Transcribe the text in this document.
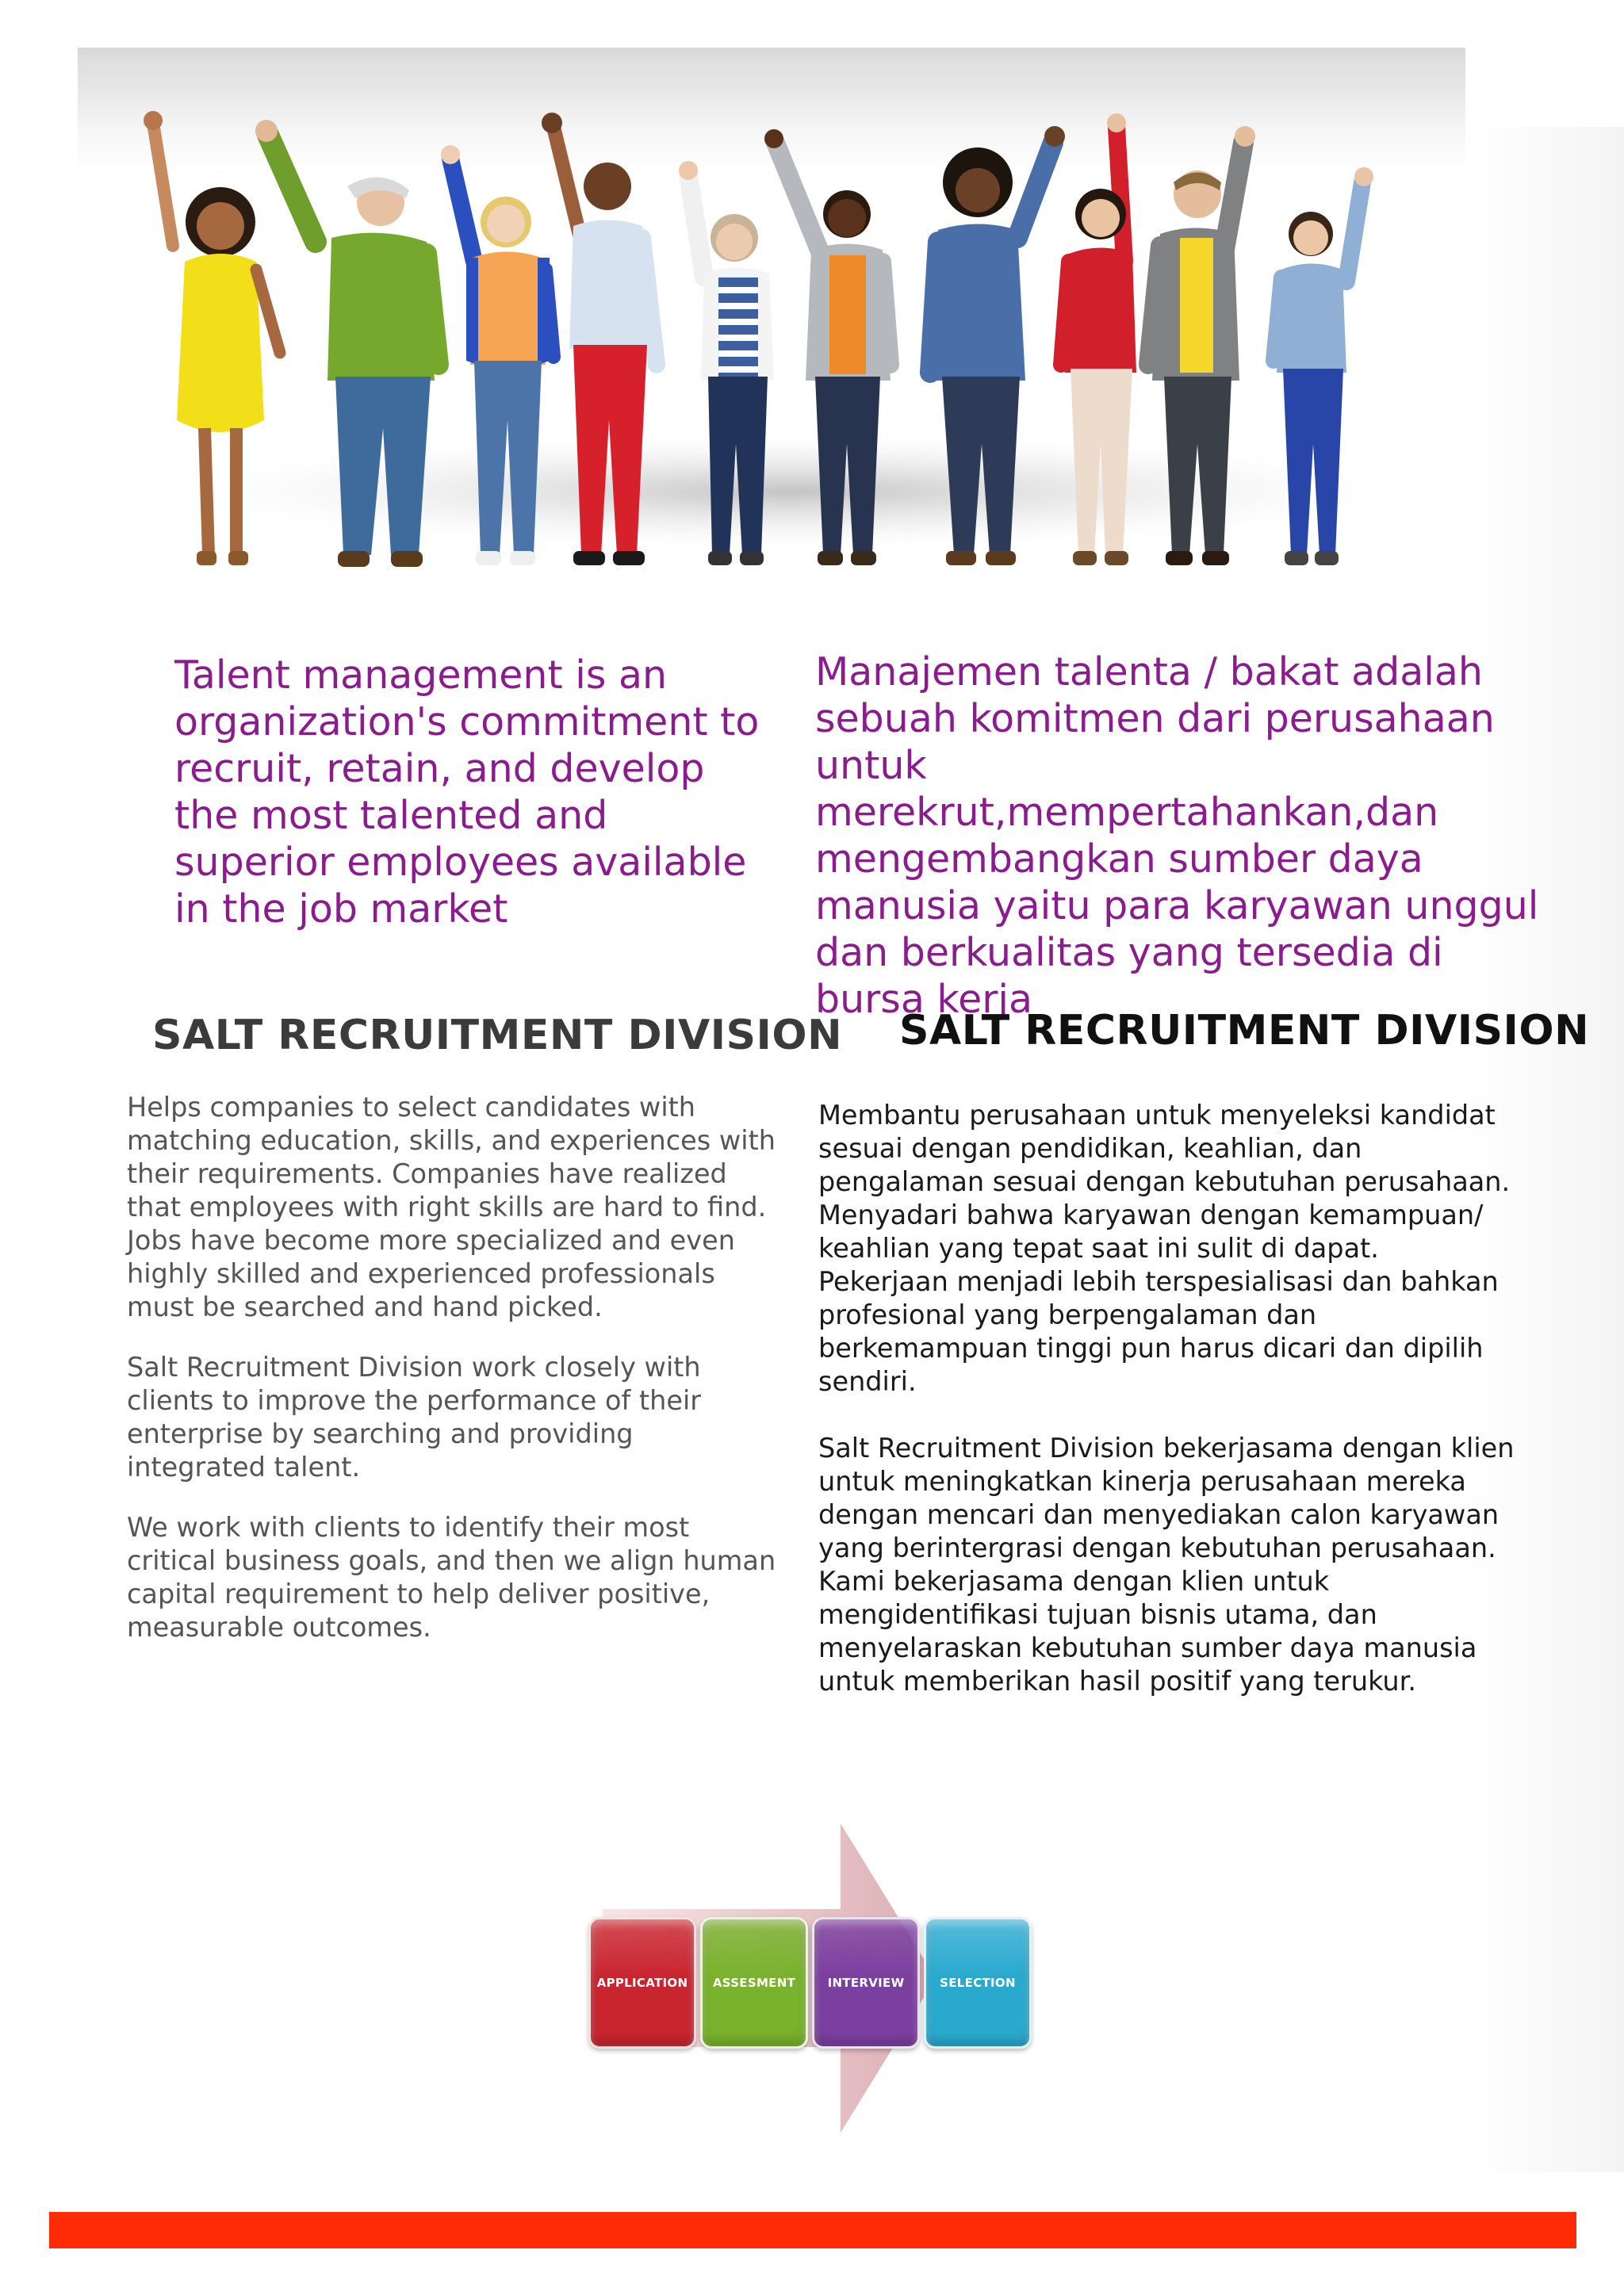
Talent management is an organization's commitment to recruit, retain, and develop the most talented and superior employees available in the job market
Manajemen talenta / bakat adalah sebuah komitmen dari perusahaan untuk merekrut,mempertahankan,dan mengembangkan sumber daya manusia yaitu para karyawan unggul dan berkualitas yang tersedia di bursa kerja
SALT RECRUITMENT DIVISION SALT RECRUITMENT DIVISION

Helps companies to select candidates with matching education, skills, and experiences with their requirements. Companies have realized that employees with right skills are hard to find. Jobs have become more specialized and even highly skilled and experienced professionals must be searched and hand picked.

Salt Recruitment Division work closely with clients to improve the performance of their enterprise by searching and providing integrated talent.

We work with clients to identify their most critical business goals, and then we align human capital requirement to help deliver positive, measurable outcomes.

Membantu perusahaan untuk menyeleksi kandidat sesuai dengan pendidikan, keahlian, dan pengalaman sesuai dengan kebutuhan perusahaan. Menyadari bahwa karyawan dengan kemampuan/ keahlian yang tepat saat ini sulit di dapat. Pekerjaan menjadi lebih terspesialisasi dan bahkan profesional yang berpengalaman dan berkemampuan tinggi pun harus dicari dan dipilih sendiri.

Salt Recruitment Division bekerjasama dengan klien untuk meningkatkan kinerja perusahaan mereka dengan mencari dan menyediakan calon karyawan yang berintergrasi dengan kebutuhan perusahaan.

Kami bekerjasama dengan klien untuk mengidentifikasi tujuan bisnis utama, dan menyelaraskan kebutuhan sumber daya manusia untuk memberikan hasil positif yang terukur.

APPLICATION	ASSESMENT	INTERVIEW	SELECTION
